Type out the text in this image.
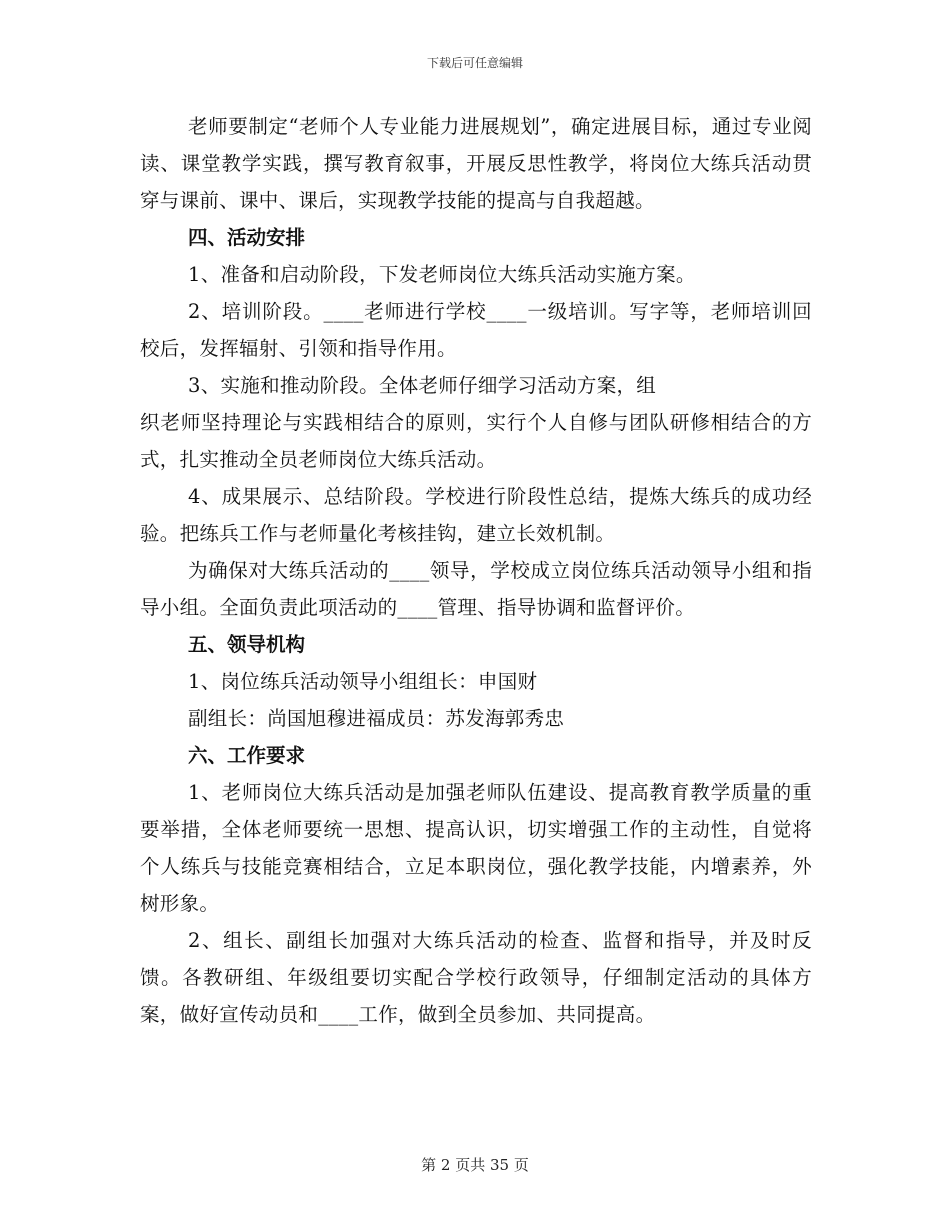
下载后可任意编辑

老师要制定“老师个人专业能力进展规划”，确定进展目标，通过专业阅读、课堂教学实践，撰写教育叙事，开展反思性教学，将岗位大练兵活动贯穿与课前、课中、课后，实现教学技能的提高与自我超越。

四、活动安排

1、准备和启动阶段，下发老师岗位大练兵活动实施方案。

2、培训阶段。____老师进行学校____一级培训。写字等，老师培训回校后，发挥辐射、引领和指导作用。

3、实施和推动阶段。全体老师仔细学习活动方案，组

织老师坚持理论与实践相结合的原则，实行个人自修与团队研修相结合的方式，扎实推动全员老师岗位大练兵活动。

4、成果展示、总结阶段。学校进行阶段性总结，提炼大练兵的成功经验。把练兵工作与老师量化考核挂钩，建立长效机制。

为确保对大练兵活动的____领导，学校成立岗位练兵活动领导小组和指导小组。全面负责此项活动的____管理、指导协调和监督评价。

五、领导机构

1、岗位练兵活动领导小组组长：申国财

副组长：尚国旭穆进福成员：苏发海郭秀忠

六、工作要求

1、老师岗位大练兵活动是加强老师队伍建设、提高教育教学质量的重要举措，全体老师要统一思想、提高认识，切实增强工作的主动性，自觉将个人练兵与技能竞赛相结合，立足本职岗位，强化教学技能，内增素养，外树形象。

2、组长、副组长加强对大练兵活动的检查、监督和指导，并及时反馈。各教研组、年级组要切实配合学校行政领导，仔细制定活动的具体方案，做好宣传动员和____工作，做到全员参加、共同提高。

第 2 页共 35 页
